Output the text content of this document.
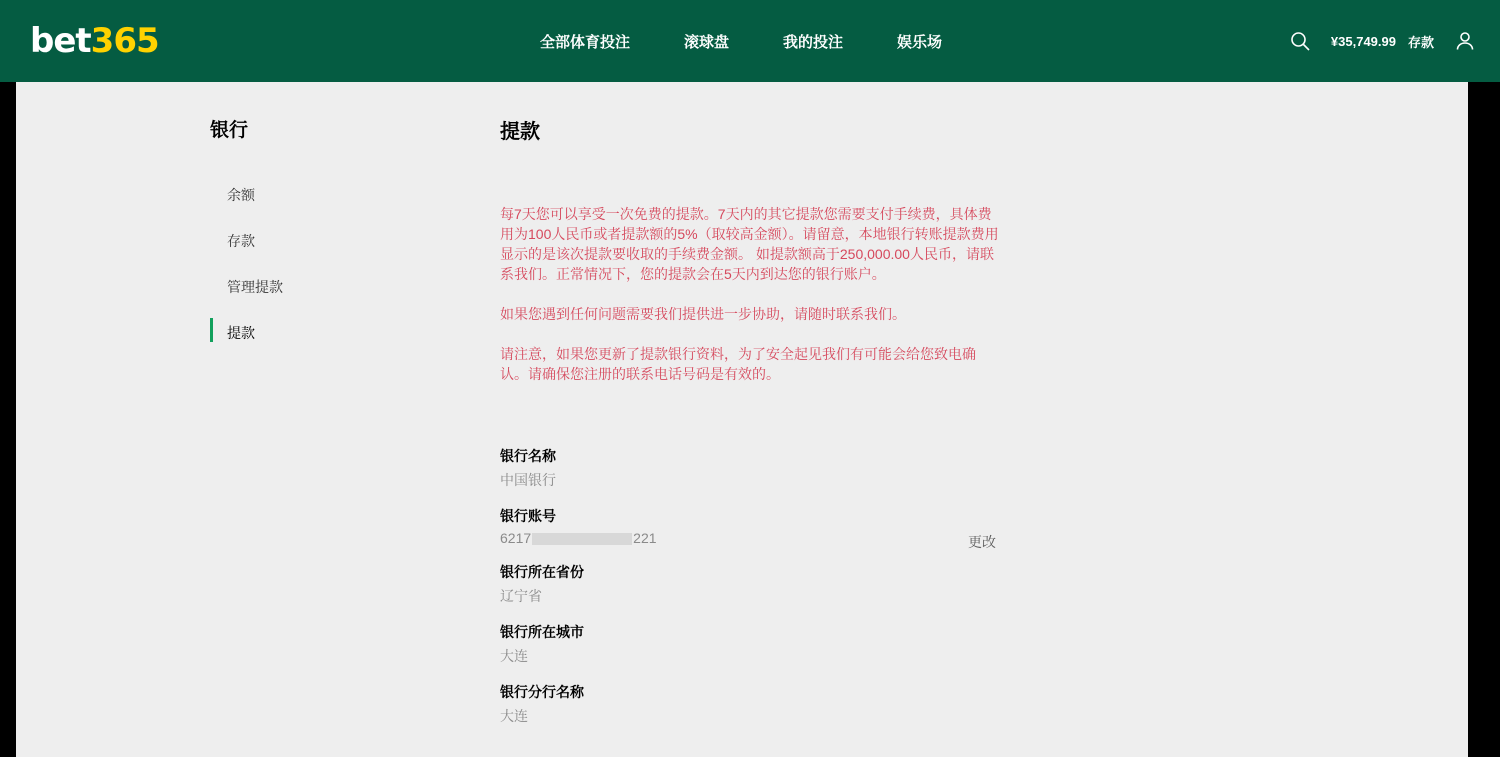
bet365	全部体育投注	滚球盘	我的投注	娱乐场	¥35,749.99 存款
银行
余额
存款
管理提款
提款
提款

每7天您可以享受一次免费的提款。7天内的其它提款您需要支付手续费，具体费用为100人民币或者提款额的5%（取较高金额）。请留意，本地银行转账提款费用显示的是该次提款要收取的手续费金额。 如提款额高于250,000.00人民币，请联系我们。正常情况下，您的提款会在5天内到达您的银行账户。

如果您遇到任何问题需要我们提供进一步协助，请随时联系我们。

请注意，如果您更新了提款银行资料，为了安全起见我们有可能会给您致电确认。请确保您注册的联系电话号码是有效的。

更改
银行名称
中国银行
银行账号
6217	221
银行所在省份
辽宁省
银行所在城市
大连
银行分行名称
大连
